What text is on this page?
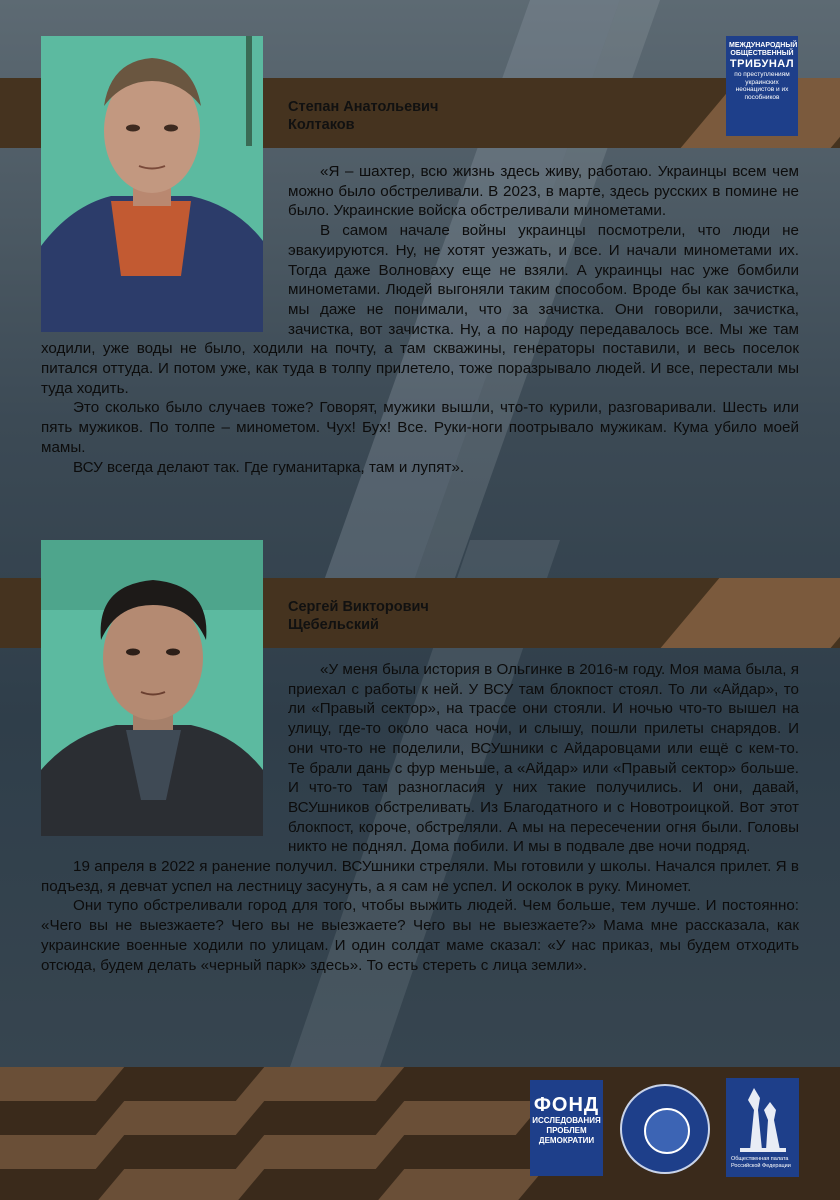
МЕЖДУНАРОДНЫЙ
ОБЩЕСТВЕННЫЙ
ТРИБУНАЛ
по преступлениям украинских неонацистов и их пособников
Степан Анатольевич
Колтаков

«Я – шахтер, всю жизнь здесь живу, работаю. Украинцы всем чем можно было обстреливали. В 2023, в марте, здесь русских в помине не было. Украинские войска обстреливали минометами.

В самом начале войны украинцы посмотрели, что люди не эвакуируются. Ну, не хотят уезжать, и все. И начали минометами их. Тогда даже Волноваху еще не взяли. А украинцы нас уже бомбили минометами. Людей выгоняли таким способом. Вроде бы как зачистка, мы даже не понимали, что за зачистка. Они говорили, зачистка, зачистка, вот зачистка. Ну, а по народу передавалось все. Мы же там ходили, уже воды не было, ходили на почту, а там скважины, генераторы поставили, и весь поселок питался оттуда. И потом уже, как туда в толпу прилетело, тоже поразрывало людей. И все, перестали мы туда ходить.

Это сколько было случаев тоже? Говорят, мужики вышли, что-то курили, разговаривали. Шесть или пять мужиков. По толпе – минометом. Чух! Бух! Все. Руки-ноги поотрывало мужикам. Кума убило моей мамы.

ВСУ всегда делают так. Где гуманитарка, там и лупят».

Сергей Викторович
Щебельский

«У меня была история в Ольгинке в 2016-м году. Моя мама была, я приехал с работы к ней. У ВСУ там блокпост стоял. То ли «Айдар», то ли «Правый сектор», на трассе они стояли. И ночью что-то вышел на улицу, где-то около часа ночи, и слышу, пошли прилеты снарядов. И они что-то не поделили, ВСУшники с Айдаровцами или ещё с кем-то. Те брали дань с фур меньше, а «Айдар» или «Правый сектор» больше. И что-то там разногласия у них такие получились. И они, давай, ВСУшников обстреливать. Из Благодатного и с Новотроицкой. Вот этот блокпост, короче, обстреляли. А мы на пересечении огня были. Головы никто не поднял. Дома побили. И мы в подвале две ночи подряд.

19 апреля в 2022 я ранение получил. ВСУшники стреляли. Мы готовили у школы. Начался прилет. Я в подъезд, я девчат успел на лестницу засунуть, а я сам не успел. И осколок в руку. Миномет.

Они тупо обстреливали город для того, чтобы выжить людей. Чем больше, тем лучше. И постоянно: «Чего вы не выезжаете? Чего вы не выезжаете? Чего вы не выезжаете?» Мама мне рассказала, как украинские военные ходили по улицам. И один солдат маме сказал: «У нас приказ, мы будем отходить отсюда, будем делать «черный парк» здесь». То есть стереть с лица земли».

ФОНД
ИССЛЕДОВАНИЯ
ПРОБЛЕМ
ДЕМОКРАТИИ
Общественная палата Российской Федерации
